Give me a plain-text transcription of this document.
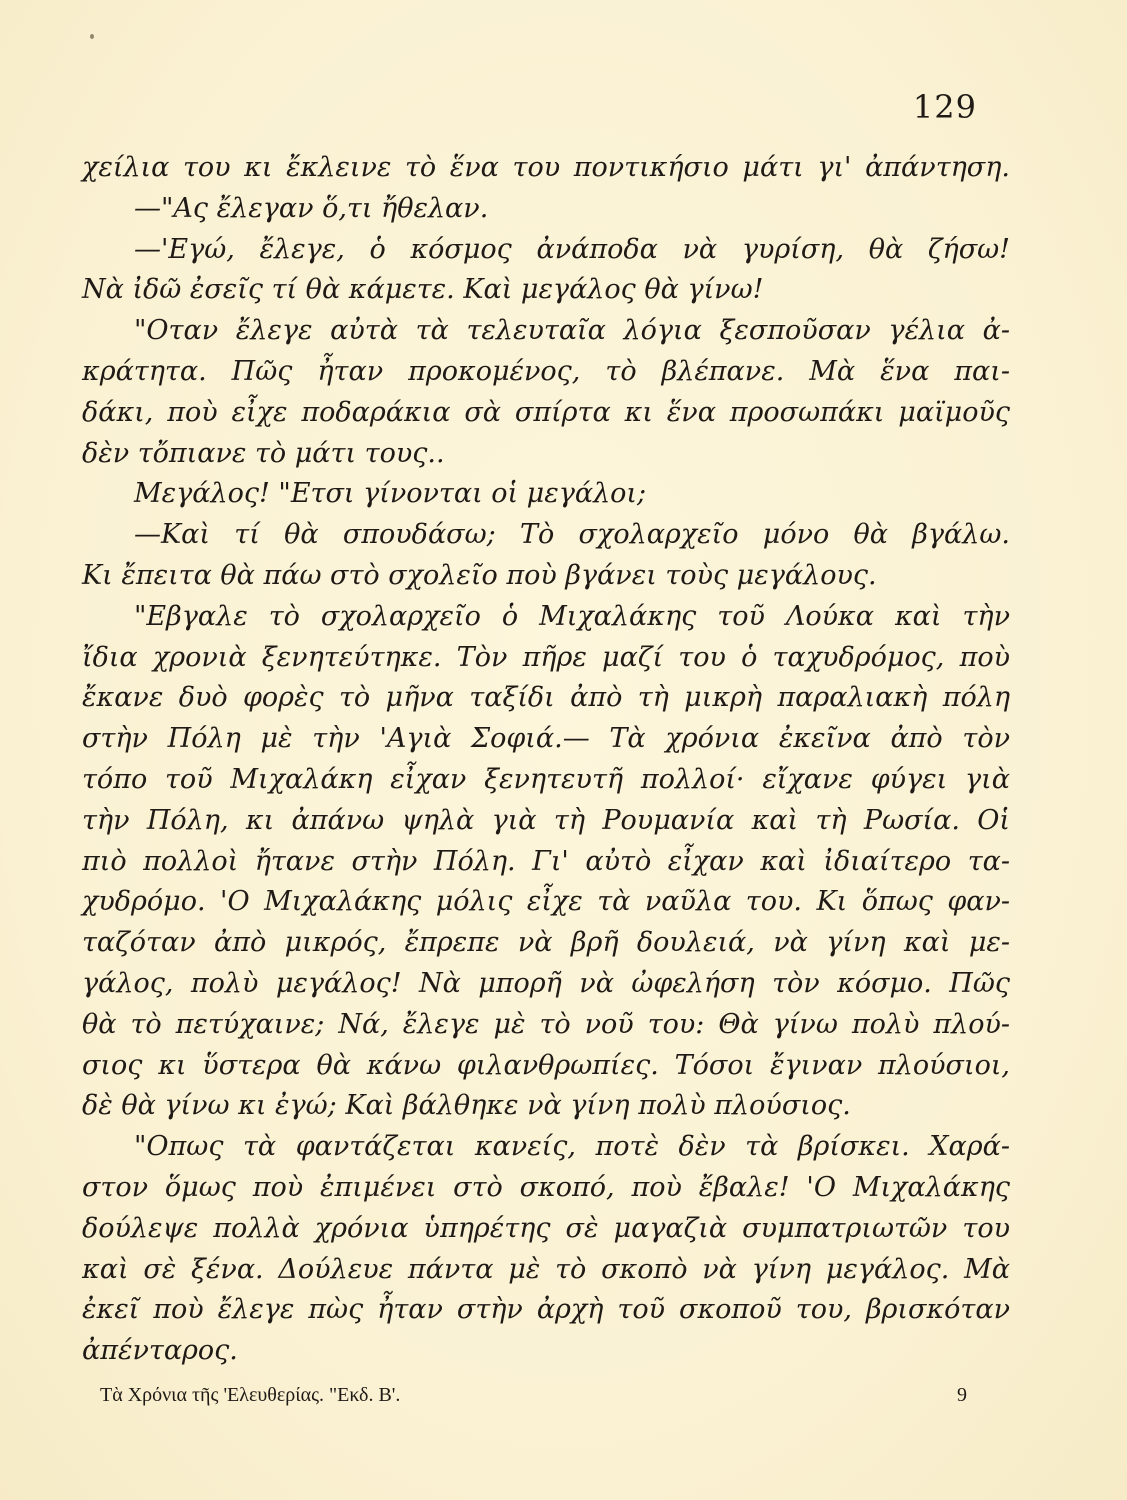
129
χείλια του κι ἔκλεινε τὸ ἕνα του ποντικήσιο μάτι γι' ἀπάντηση.
—"Ας ἔλεγαν ὅ,τι ἤθελαν.
—'Εγώ, ἔλεγε, ὁ κόσμος ἀνάποδα νὰ γυρίση, θὰ ζήσω!
Νὰ ἰδῶ ἐσεῖς τί θὰ κάμετε. Καὶ μεγάλος θὰ γίνω!
"Οταν ἔλεγε αὐτὰ τὰ τελευταῖα λόγια ξεσποῦσαν γέλια ἀ-
κράτητα. Πῶς ἦταν προκομένος, τὸ βλέπανε. Μὰ ἕνα παι-
δάκι, ποὺ εἶχε ποδαράκια σὰ σπίρτα κι ἕνα προσωπάκι μαϊμοῦς
δὲν τὄπιανε τὸ μάτι τους..
Μεγάλος! "Ετσι γίνονται οἱ μεγάλοι;
—Καὶ τί θὰ σπουδάσω; Τὸ σχολαρχεῖο μόνο θὰ βγάλω.
Κι ἔπειτα θὰ πάω στὸ σχολεῖο ποὺ βγάνει τοὺς μεγάλους.
"Εβγαλε τὸ σχολαρχεῖο ὁ Μιχαλάκης τοῦ Λούκα καὶ τὴν
ἴδια χρονιὰ ξενητεύτηκε. Τὸν πῆρε μαζί του ὁ ταχυδρόμος, ποὺ
ἔκανε δυὸ φορὲς τὸ μῆνα ταξίδι ἀπὸ τὴ μικρὴ παραλιακὴ πόλη
στὴν Πόλη μὲ τὴν 'Αγιὰ Σοφιά.— Τὰ χρόνια ἐκεῖνα ἀπὸ τὸν
τόπο τοῦ Μιχαλάκη εἶχαν ξενητευτῆ πολλοί· εἴχανε φύγει γιὰ
τὴν Πόλη, κι ἀπάνω ψηλὰ γιὰ τὴ Ρουμανία καὶ τὴ Ρωσία. Οἱ
πιὸ πολλοὶ ἤτανε στὴν Πόλη. Γι' αὐτὸ εἶχαν καὶ ἰδιαίτερο τα-
χυδρόμο. 'Ο Μιχαλάκης μόλις εἶχε τὰ ναῦλα του. Κι ὅπως φαν-
ταζόταν ἀπὸ μικρός, ἔπρεπε νὰ βρῆ δουλειά, νὰ γίνη καὶ με-
γάλος, πολὺ μεγάλος! Νὰ μπορῆ νὰ ὠφελήση τὸν κόσμο. Πῶς
θὰ τὸ πετύχαινε; Νά, ἔλεγε μὲ τὸ νοῦ του: Θὰ γίνω πολὺ πλού-
σιος κι ὕστερα θὰ κάνω φιλανθρωπίες. Τόσοι ἔγιναν πλούσιοι,
δὲ θὰ γίνω κι ἐγώ; Καὶ βάλθηκε νὰ γίνη πολὺ πλούσιος.
"Οπως τὰ φαντάζεται κανείς, ποτὲ δὲν τὰ βρίσκει. Χαρά-
στον ὅμως ποὺ ἐπιμένει στὸ σκοπό, ποὺ ἔβαλε! 'Ο Μιχαλάκης
δούλεψε πολλὰ χρόνια ὑπηρέτης σὲ μαγαζιὰ συμπατριωτῶν του
καὶ σὲ ξένα. Δούλευε πάντα μὲ τὸ σκοπὸ νὰ γίνη μεγάλος. Μὰ
ἐκεῖ ποὺ ἔλεγε πὼς ἦταν στὴν ἀρχὴ τοῦ σκοποῦ του, βρισκόταν
ἀπένταρος.
Τὰ Χρόνια τῆς 'Ελευθερίας. "Εκδ. Β'.	9
